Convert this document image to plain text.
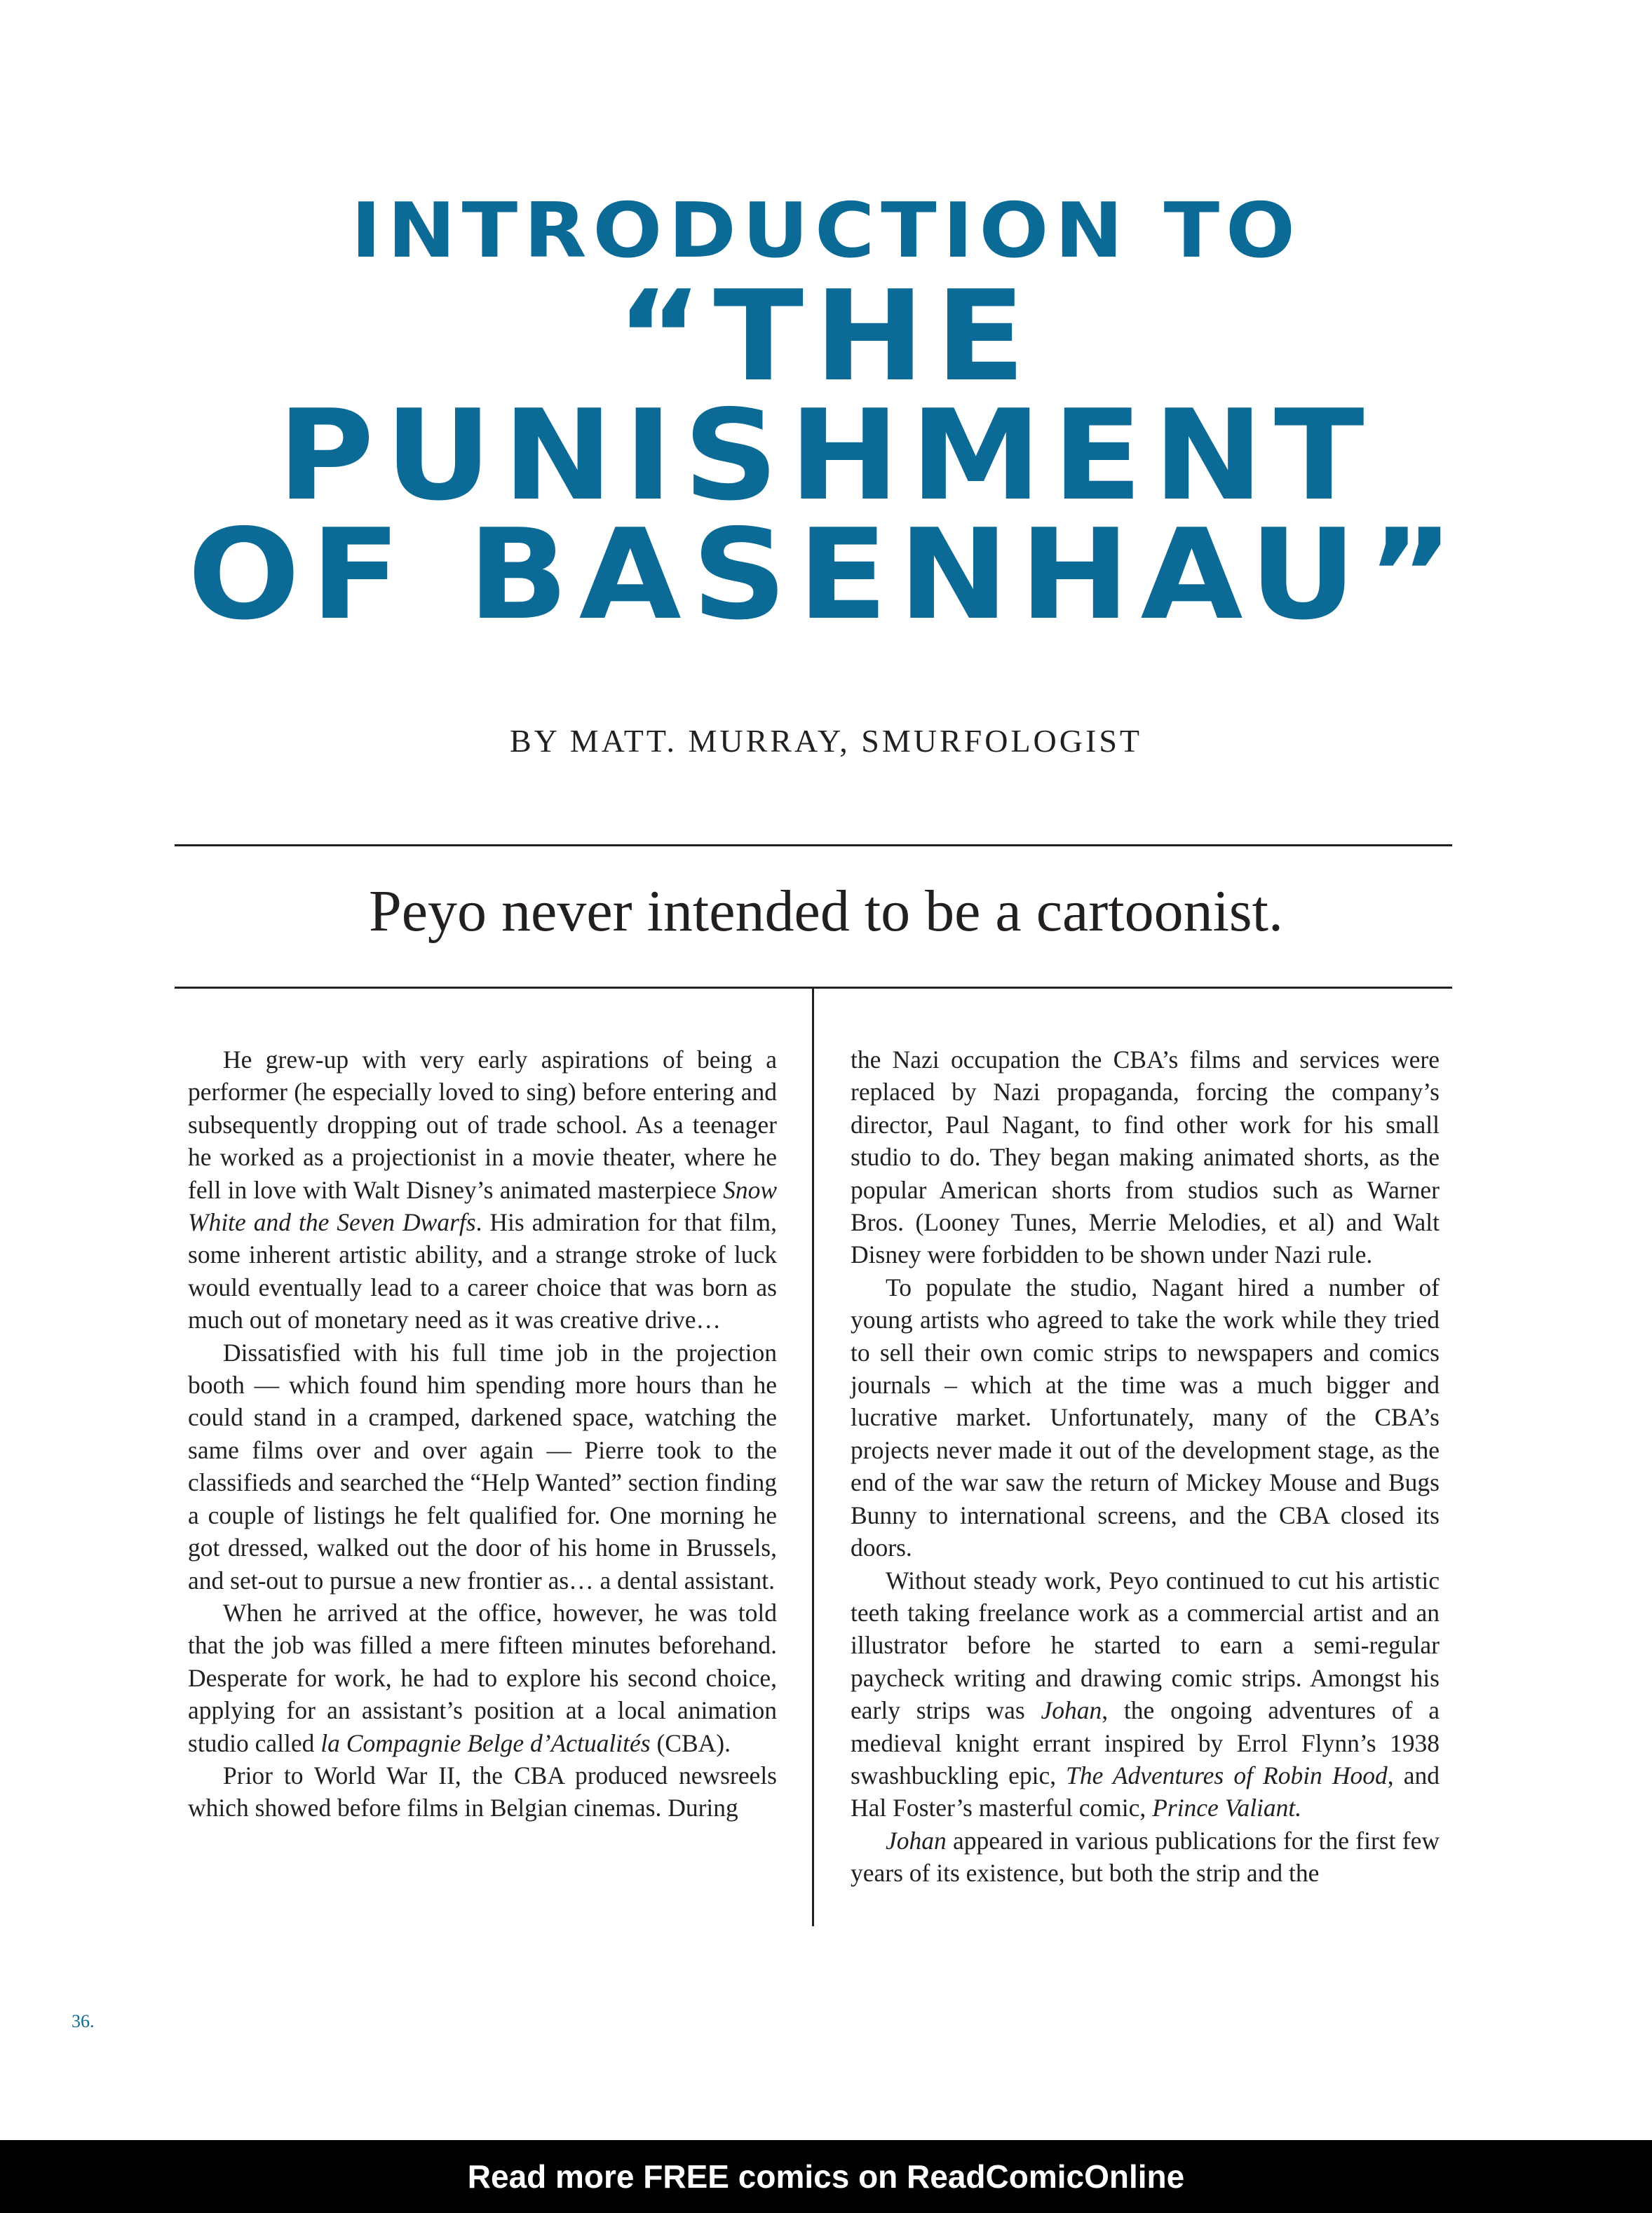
INTRODUCTION TO
“THE
PUNISHMENT
OF BASENHAU”
BY MATT. MURRAY, SMURFOLOGIST
Peyo never intended to be a cartoonist.

He grew-up with very early aspirations of being a performer (he especially loved to sing) before entering and subsequently dropping out of trade school. As a teenager he worked as a projectionist in a movie theater, where he fell in love with Walt Disney’s animated masterpiece Snow White and the Seven Dwarfs. His admiration for that film, some inherent artistic ability, and a strange stroke of luck would eventually lead to a career choice that was born as much out of monetary need as it was creative drive…

Dissatisfied with his full time job in the projection booth — which found him spending more hours than he could stand in a cramped, darkened space, watching the same films over and over again — Pierre took to the classifieds and searched the “Help Wanted” section finding a couple of listings he felt qualified for. One morning he got dressed, walked out the door of his home in Brussels, and set-out to pursue a new frontier as… a dental assistant.

When he arrived at the office, however, he was told that the job was filled a mere fifteen minutes beforehand. Desperate for work, he had to explore his second choice, applying for an assistant’s position at a local animation studio called la Compagnie Belge d’Actualités (CBA).

Prior to World War II, the CBA produced newsreels which showed before films in Belgian cinemas. During

the Nazi occupation the CBA’s films and services were replaced by Nazi propaganda, forcing the company’s director, Paul Nagant, to find other work for his small studio to do. They began making animated shorts, as the popular American shorts from studios such as Warner Bros. (Looney Tunes, Merrie Melodies, et al) and Walt Disney were forbidden to be shown under Nazi rule.

To populate the studio, Nagant hired a number of young artists who agreed to take the work while they tried to sell their own comic strips to newspapers and comics journals – which at the time was a much bigger and lucrative market. Unfortunately, many of the CBA’s projects never made it out of the development stage, as the end of the war saw the return of Mickey Mouse and Bugs Bunny to international screens, and the CBA closed its doors.

Without steady work, Peyo continued to cut his artistic teeth taking freelance work as a commercial artist and an illustrator before he started to earn a semi-regular paycheck writing and drawing comic strips. Amongst his early strips was Johan, the ongoing adventures of a medieval knight errant inspired by Errol Flynn’s 1938 swashbuckling epic, The Adventures of Robin Hood, and Hal Foster’s masterful comic, Prince Valiant.

Johan appeared in various publications for the first few years of its existence, but both the strip and the

36.
Read more FREE comics on ReadComicOnline
